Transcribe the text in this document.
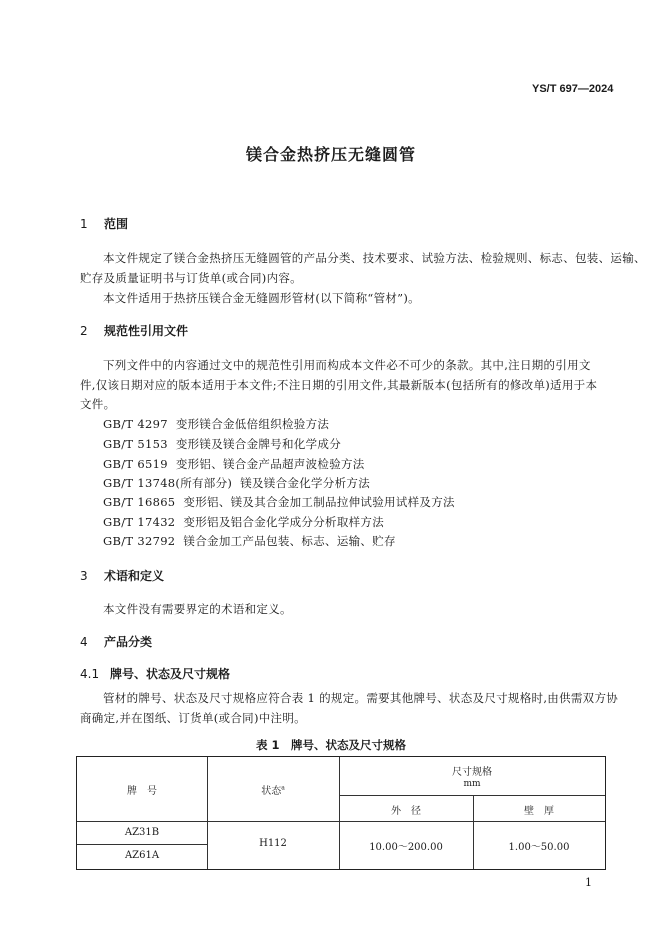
YS/T 697—2024
镁合金热挤压无缝圆管
1 范围
本文件规定了镁合金热挤压无缝圆管的产品分类、技术要求、试验方法、检验规则、标志、包装、运输、
贮存及质量证明书与订货单(或合同)内容。
本文件适用于热挤压镁合金无缝圆形管材(以下简称“管材”)。
2 规范性引用文件
下列文件中的内容通过文中的规范性引用而构成本文件必不可少的条款。其中,注日期的引用文
件,仅该日期对应的版本适用于本文件;不注日期的引用文件,其最新版本(包括所有的修改单)适用于本
文件。
GB/T 4297 变形镁合金低倍组织检验方法
GB/T 5153 变形镁及镁合金牌号和化学成分
GB/T 6519 变形铝、镁合金产品超声波检验方法
GB/T 13748(所有部分) 镁及镁合金化学分析方法
GB/T 16865 变形铝、镁及其合金加工制品拉伸试验用试样及方法
GB/T 17432 变形铝及铝合金化学成分分析取样方法
GB/T 32792 镁合金加工产品包装、标志、运输、贮存
3 术语和定义
本文件没有需要界定的术语和定义。
4 产品分类
4.1 牌号、状态及尺寸规格
管材的牌号、状态及尺寸规格应符合表 1 的规定。需要其他牌号、状态及尺寸规格时,由供需双方协
商确定,并在图纸、订货单(或合同)中注明。
表 1　牌号、状态及尺寸规格
牌　号	状态$^a$
尺寸规格
mm
外　径	壁　厚
AZ31B
AZ61A
H112	10.00～200.00	1.00～50.00
1
